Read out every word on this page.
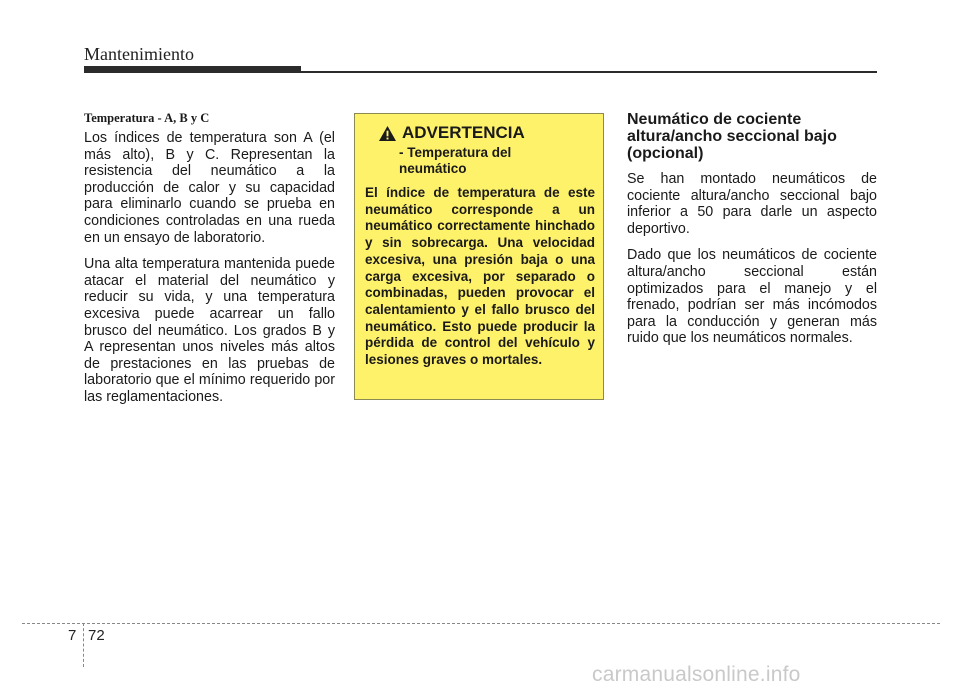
Mantenimiento
Temperatura - A, B y C

Los índices de temperatura son A (el más alto), B y C. Representan la resistencia del neumático a la producción de calor y su capacidad para eliminarlo cuando se prueba en condiciones controladas en una rueda en un ensayo de laboratorio.

Una alta temperatura mantenida puede atacar el material del neumático y reducir su vida, y una temperatura excesiva puede acarrear un fallo brusco del neumático. Los grados B y A representan unos niveles más altos de prestaciones en las pruebas de laboratorio que el mínimo requerido por las reglamentaciones.

ADVERTENCIA
- Temperatura del neumático
El índice de temperatura de este neumático corresponde a un neumático correctamente hinchado y sin sobrecarga. Una velocidad excesiva, una presión baja o una carga excesiva, por separado o combinadas, pueden provocar el calentamiento y el fallo brusco del neumático. Esto puede producir la pérdida de control del vehículo y lesiones graves o mortales.
Neumático de cociente altura/ancho seccional bajo (opcional)

Se han montado neumáticos de cociente altura/ancho seccional bajo inferior a 50 para darle un aspecto deportivo.

Dado que los neumáticos de cociente altura/ancho seccional están optimizados para el manejo y el frenado, podrían ser más incómodos para la conducción y generan más ruido que los neumáticos normales.

7 72
carmanualsonline.info
